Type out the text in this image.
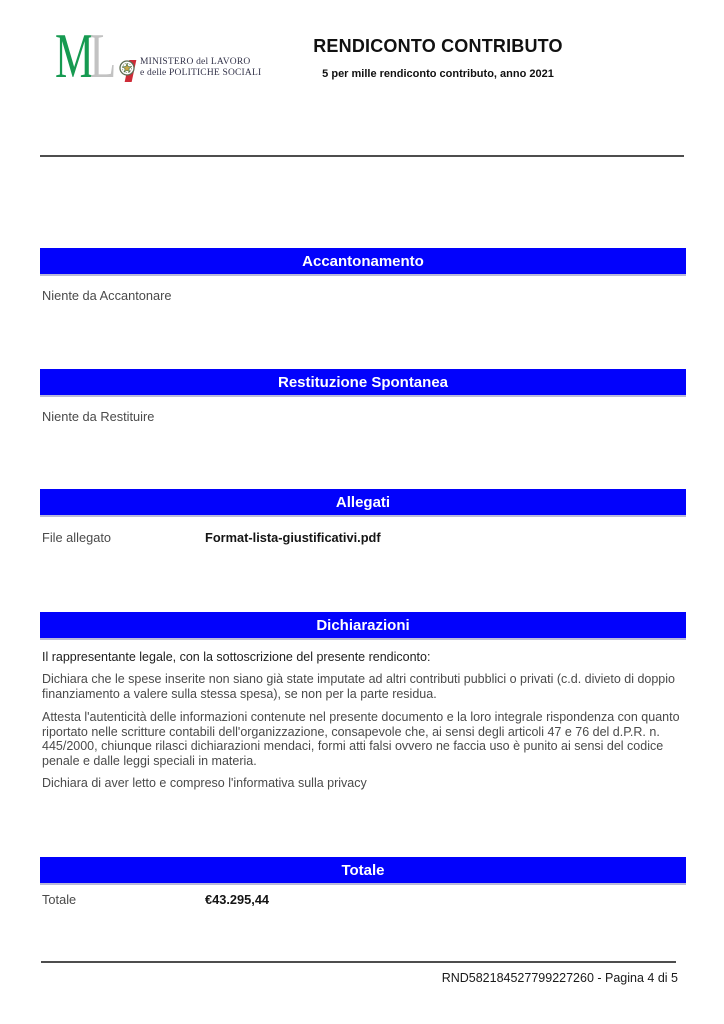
ML	MINISTERO del LAVORO
e delle POLITICHE SOCIALI
RENDICONTO CONTRIBUTO
5 per mille rendiconto contributo, anno 2021
Accantonamento
Niente da Accantonare
Restituzione Spontanea
Niente da Restituire
Allegati
File allegato	Format-lista-giustificativi.pdf
Dichiarazioni
Il rappresentante legale, con la sottoscrizione del presente rendiconto:
Dichiara che le spese inserite non siano già state imputate ad altri contributi pubblici o privati (c.d. divieto di doppio finanziamento a valere sulla stessa spesa), se non per la parte residua.
Attesta l'autenticità delle informazioni contenute nel presente documento e la loro integrale rispondenza con quanto riportato nelle scritture contabili dell'organizzazione, consapevole che, ai sensi degli articoli 47 e 76 del d.P.R. n. 445/2000, chiunque rilasci dichiarazioni mendaci, formi atti falsi ovvero ne faccia uso è punito ai sensi del codice penale e dalle leggi speciali in materia.
Dichiara di aver letto e compreso l'informativa sulla privacy
Totale
Totale	€43.295,44
RND582184527799227260 - Pagina 4 di 5
